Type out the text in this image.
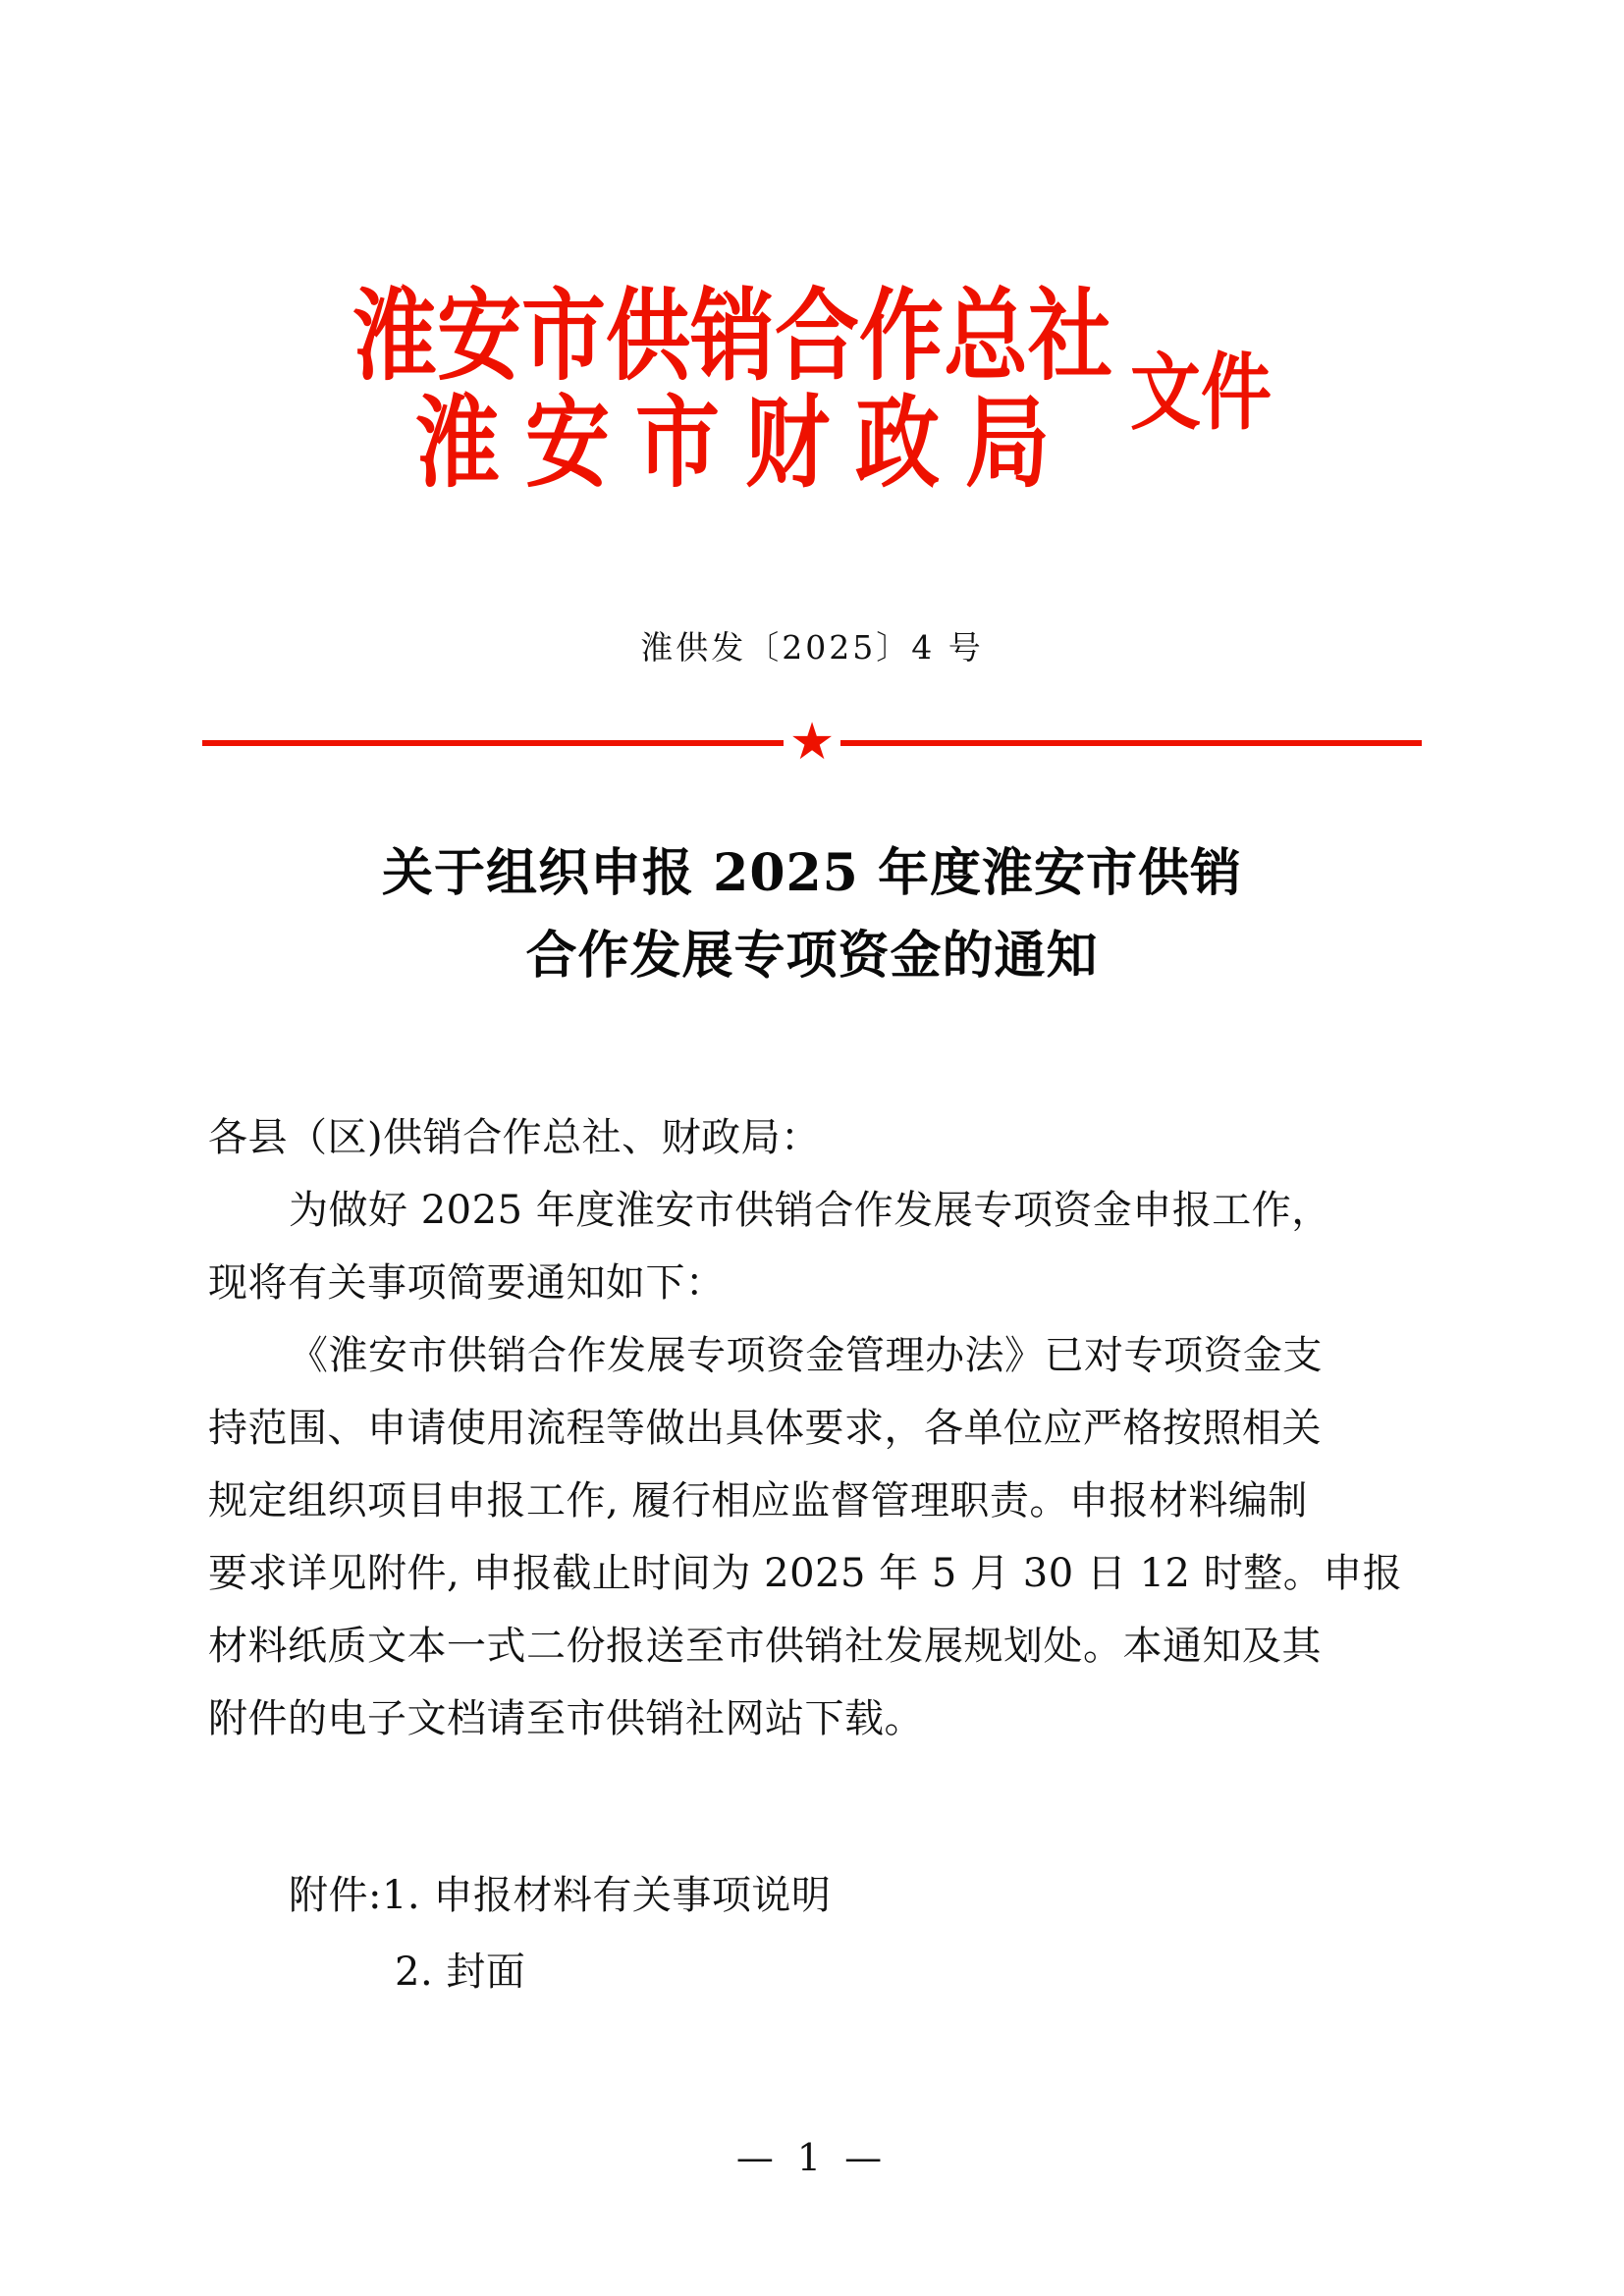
淮安市供销合作总社
淮安市财政局 文件
淮供发〔2025〕4 号
★
关于组织申报 2025 年度淮安市供销
合作发展专项资金的通知
各县（区)供销合作总社、财政局：
为做好 2025 年度淮安市供销合作发展专项资金申报工作，
现将有关事项简要通知如下：
《淮安市供销合作发展专项资金管理办法》已对专项资金支
持范围、申请使用流程等做出具体要求，各单位应严格按照相关
规定组织项目申报工作, 履行相应监督管理职责。申报材料编制
要求详见附件, 申报截止时间为 2025 年 5 月 30 日 12 时整。申报
材料纸质文本一式二份报送至市供销社发展规划处。本通知及其
附件的电子文档请至市供销社网站下载。
附件:1. 申报材料有关事项说明
2. 封面
— 1 —
